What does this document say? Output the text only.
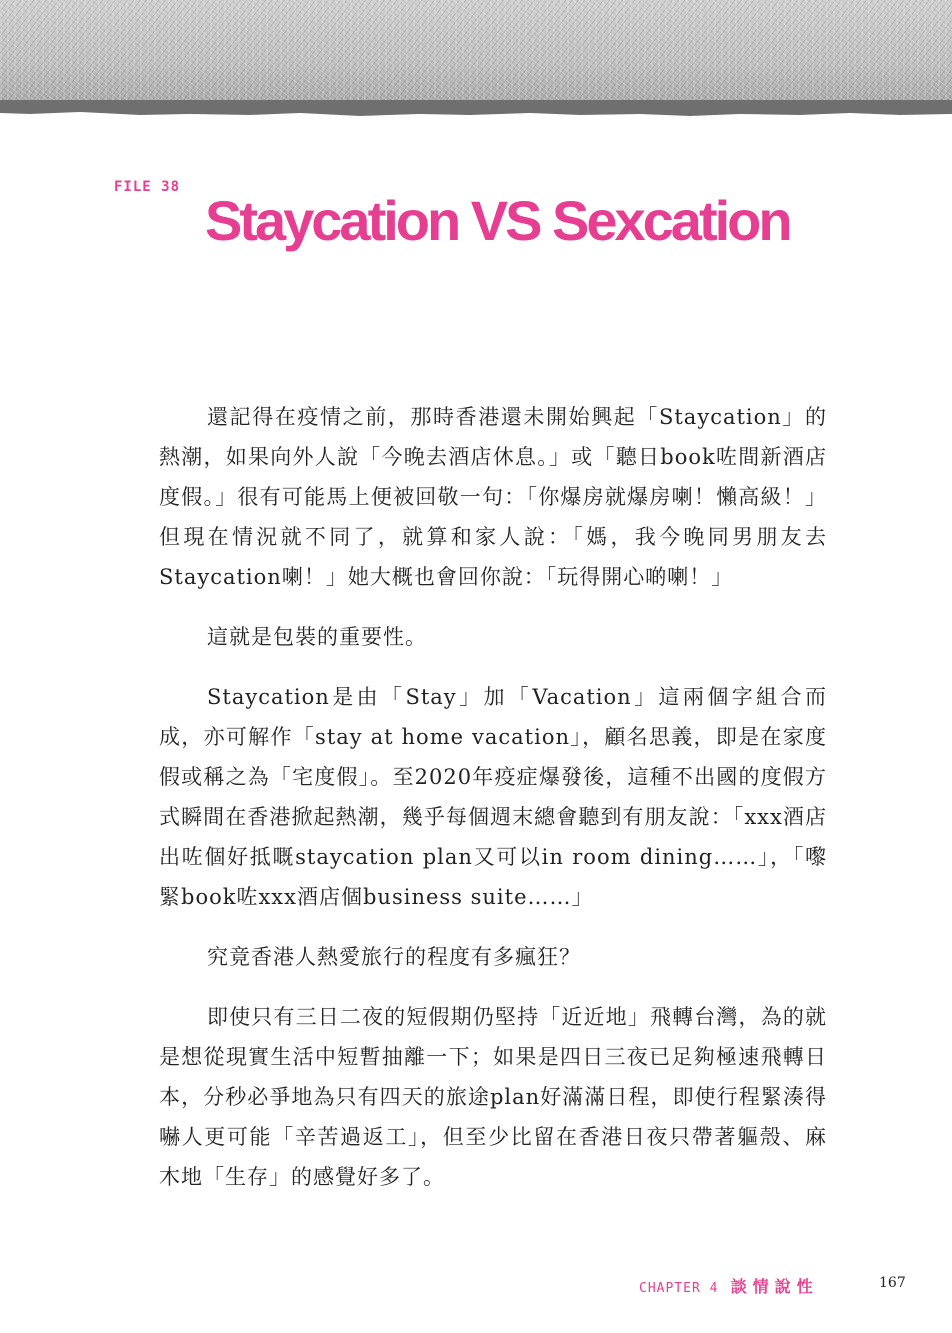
FILE 38
Staycation VS Sexcation

還記得在疫情之前，那時香港還未開始興起「Staycation」的熱潮，如果向外人說「今晚去酒店休息。」或「聽日book咗間新酒店度假。」很有可能馬上便被回敬一句：「你爆房就爆房喇！懶高級！」但現在情況就不同了，就算和家人說：「媽，我今晚同男朋友去Staycation喇！」她大概也會回你說：「玩得開心啲喇！」

這就是包裝的重要性。

Staycation是由「Stay」加「Vacation」這兩個字組合而成，亦可解作「stay at home vacation」，顧名思義，即是在家度假或稱之為「宅度假」。至2020年疫症爆發後，這種不出國的度假方式瞬間在香港掀起熱潮，幾乎每個週末總會聽到有朋友說：「xxx酒店出咗個好抵嘅staycation plan又可以in room dining……」，「嚟緊book咗xxx酒店個business suite……」

究竟香港人熱愛旅行的程度有多瘋狂？

即使只有三日二夜的短假期仍堅持「近近地」飛轉台灣，為的就是想從現實生活中短暫抽離一下；如果是四日三夜已足夠極速飛轉日本，分秒必爭地為只有四天的旅途plan好滿滿日程，即使行程緊湊得嚇人更可能「辛苦過返工」，但至少比留在香港日夜只帶著軀殼、麻木地「生存」的感覺好多了。

CHAPTER 4 談情說性	167
